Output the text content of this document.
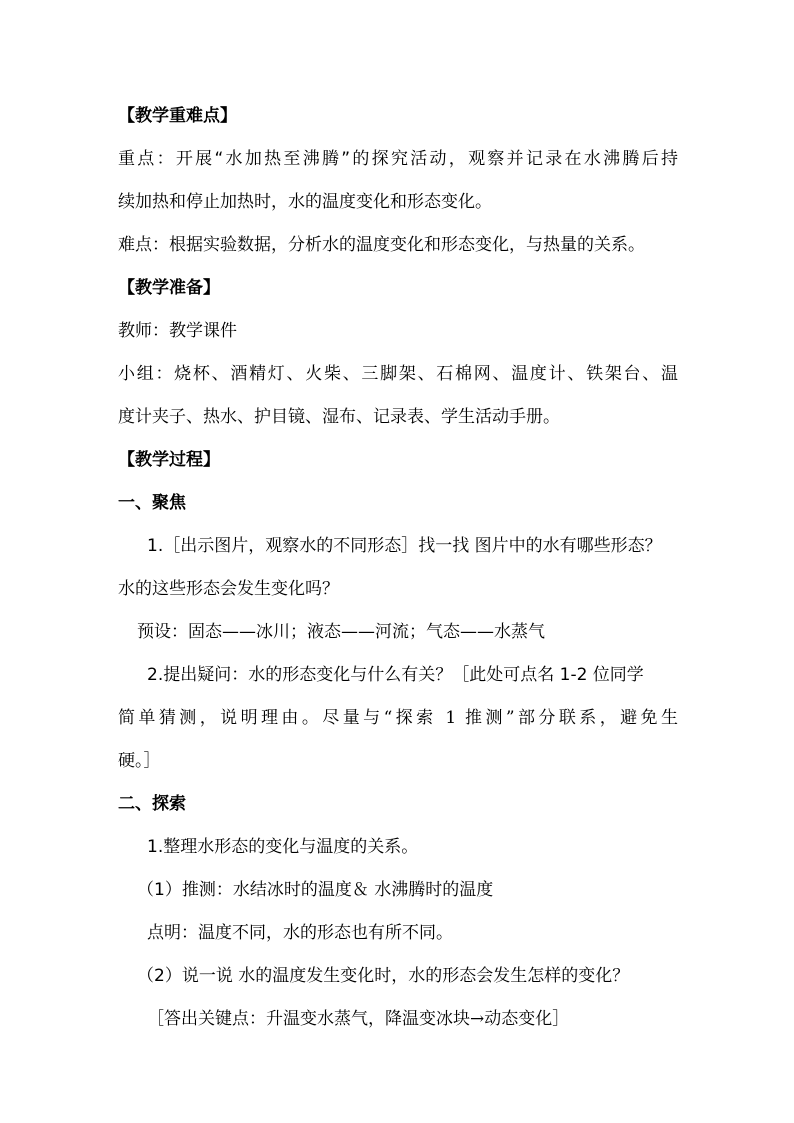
【教学重难点】
重点：开展“水加热至沸腾”的探究活动，观察并记录在水沸腾后持
续加热和停止加热时，水的温度变化和形态变化。
难点：根据实验数据，分析水的温度变化和形态变化，与热量的关系。
【教学准备】
教师：教学课件
小组：烧杯、酒精灯、火柴、三脚架、石棉网、温度计、铁架台、温
度计夹子、热水、护目镜、湿布、记录表、学生活动手册。
【教学过程】
一、聚焦
1.［出示图片，观察水的不同形态］找一找 图片中的水有哪些形态？
水的这些形态会发生变化吗？
预设：固态——冰川；液态——河流；气态——水蒸气
2.提出疑问：水的形态变化与什么有关？［此处可点名 1-2 位同学
简单猜测，说明理由。尽量与“探索 1 推测”部分联系，避免生
硬。］
二、探索
1.整理水形态的变化与温度的关系。
（1）推测：水结冰时的温度＆ 水沸腾时的温度
点明：温度不同，水的形态也有所不同。
（2）说一说 水的温度发生变化时，水的形态会发生怎样的变化？
［答出关键点：升温变水蒸气，降温变冰块→动态变化］
